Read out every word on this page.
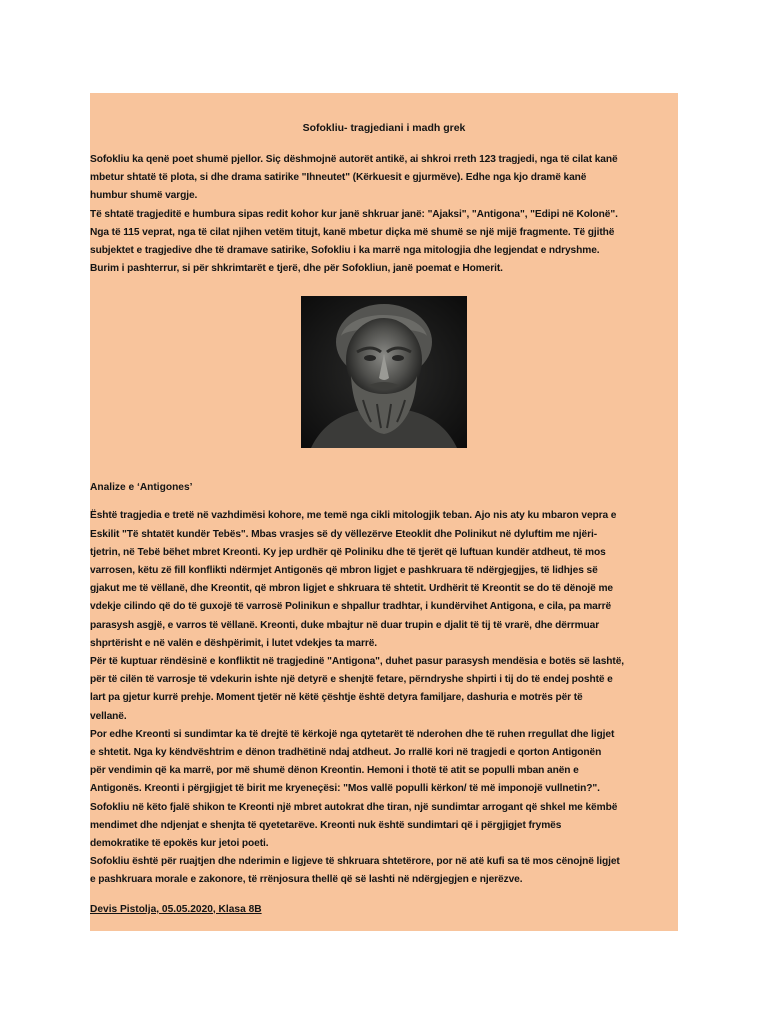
Sofokliu- tragjediani i madh grek

Sofokliu ka qenë poet shumë pjellor. Siç dëshmojnë autorët antikë, ai shkroi rreth 123 tragjedi, nga të cilat kanë
mbetur shtatë të plota, si dhe drama satirike "Ihneutet" (Kërkuesit e gjurmëve). Edhe nga kjo dramë kanë
humbur shumë vargje.
Të shtatë tragjeditë e humbura sipas redit kohor kur janë shkruar janë: "Ajaksi", "Antigona", "Edipi në Kolonë".
Nga të 115 veprat, nga të cilat njihen vetëm titujt, kanë mbetur diçka më shumë se një mijë fragmente. Të gjithë
subjektet e tragjedive dhe të dramave satirike, Sofokliu i ka marrë nga mitologjia dhe legjendat e ndryshme.
Burim i pashterrur, si për shkrimtarët e tjerë, dhe për Sofokliun, janë poemat e Homerit.

Analize e ‘Antigones’

Është tragjedia e tretë në vazhdimësi kohore, me temë nga cikli mitologjik teban. Ajo nis aty ku mbaron vepra e
Eskilit "Të shtatët kundër Tebës". Mbas vrasjes së dy vëllezërve Eteoklit dhe Polinikut në dyluftim me njëri-
tjetrin, në Tebë bëhet mbret Kreonti. Ky jep urdhër që Poliniku dhe të tjerët që luftuan kundër atdheut, të mos
varrosen, këtu zë fill konflikti ndërmjet Antigonës që mbron ligjet e pashkruara të ndërgjegjjes, të lidhjes së
gjakut me të vëllanë, dhe Kreontit, që mbron ligjet e shkruara të shtetit. Urdhërit të Kreontit se do të dënojë me
vdekje cilindo që do të guxojë të varrosë Polinikun e shpallur tradhtar, i kundërvihet Antigona, e cila, pa marrë
parasysh asgjë, e varros të vëllanë. Kreonti, duke mbajtur në duar trupin e djalit të tij të vrarë, dhe dërrmuar
shprtërisht e në valën e dëshpërimit, i lutet vdekjes ta marrë.
Për të kuptuar rëndësinë e konfliktit në tragjedinë "Antigona", duhet pasur parasysh mendësia e botës së lashtë,
për të cilën të varrosje të vdekurin ishte një detyrë e shenjtë fetare, përndryshe shpirti i tij do të endej poshtë e
lart pa gjetur kurrë prehje. Moment tjetër në këtë çështje është detyra familjare, dashuria e motrës për të
vellanë.
Por edhe Kreonti si sundimtar ka të drejtë të kërkojë nga qytetarët të nderohen dhe të ruhen rregullat dhe ligjet
e shtetit. Nga ky këndvështrim e dënon tradhëtinë ndaj atdheut. Jo rrallë kori në tragjedi e qorton Antigonën
për vendimin që ka marrë, por më shumë dënon Kreontin. Hemoni i thotë të atit se populli mban anën e
Antigonës. Kreonti i përgjigjet të birit me kryeneçësi: "Mos vallë populli kërkon/ të më imponojë vullnetin?".
Sofokliu në këto fjalë shikon te Kreonti një mbret autokrat dhe tiran, një sundimtar arrogant që shkel me këmbë
mendimet dhe ndjenjat e shenjta të qyetetarëve. Kreonti nuk është sundimtari që i përgjigjet frymës
demokratike të epokës kur jetoi poeti.
Sofokliu është për ruajtjen dhe nderimin e ligjeve të shkruara shtetërore, por në atë kufi sa të mos cënojnë ligjet
e pashkruara morale e zakonore, të rrënjosura thellë që së lashti në ndërgjegjen e njerëzve.

Devis Pistolja, 05.05.2020, Klasa 8B
